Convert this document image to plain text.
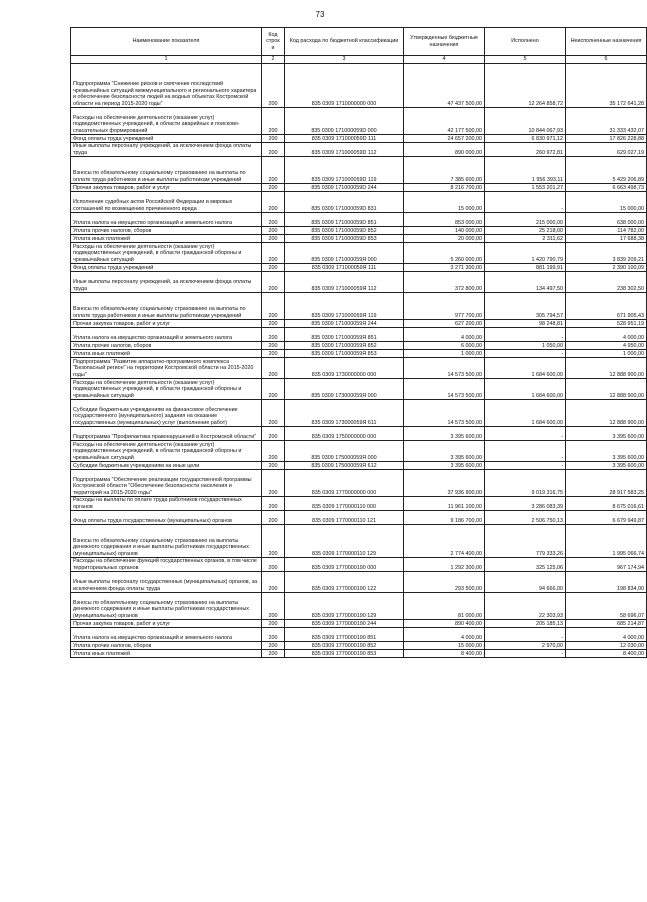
73
Наименование показателя	Код строк и	Код расхода по бюджетной классификации	Утвержденные бюджетные назначения	Исполнено	Неисполненные назначения
1	2	3	4	5	6
Подпрограмма "Снижение рисков и смягчение последствий чрезвычайных ситуаций межмуниципального и регионального характера и обеспечение безопасности людей на водных объектах Костромской области на период 2015-2020 годы"	200	835 0309 1710000000 000	47 437 500,00	12 264 858,72	35 172 641,28
Расходы на обеспечение деятельности (оказание услуг) подведомственных учреждений, в области аварийных и поисково-спасательных формирований	200	835 0309 171000059D 000	42 177 500,00	10 844 067,93	31 333 432,07
Фонд оплаты труда учреждений	200	835 0309 171000059D 111	24 657 200,00	6 830 971,12	17 826 228,88
Иные выплаты персоналу учреждений, за исключением фонда оплаты труда	200	835 0309 171000059D 112	890 000,00	260 972,81	629 027,19
Взносы по обязательному социальному страхованию на выплаты по оплате труда работников и иные выплаты работникам учреждений	200	835 0309 171000059D 119	7 385 600,00	1 956 393,11	5 429 206,89
Прочая закупка товаров, работ и услуг	200	835 0309 171000059D 244	8 216 700,00	1 553 201,27	6 663 498,73
Исполнение судебных актов Российской Федерации и мировых соглашений по возмещению причиненного вреда	200	835 0309 171000059D 831	15 000,00	-	15 000,00
Уплата налога на имущество организаций и земельного налога	200	835 0309 171000059D 851	853 000,00	215 000,00	638 000,00
Уплата прочих налогов, сборов	200	835 0309 171000059D 852	140 000,00	25 218,00	114 782,00
Уплата иных платежей	200	835 0309 171000059D 853	20 000,00	2 311,62	17 688,38
Расходы на обеспечение деятельности (оказание услуг) подведомственных учреждений, в области гражданской обороны и чрезвычайных ситуаций	200	835 0309 171000059Я 000	5 260 000,00	1 420 790,79	3 839 209,21
Фонд оплаты труда учреждений	200	835 0309 171000059Я 111	3 271 300,00	881 199,91	2 390 100,09
Иные выплаты персоналу учреждений, за исключением фонда оплаты труда	200	835 0309 171000059Я 112	372 800,00	134 497,50	238 302,50
Взносы по обязательному социальному страхованию на выплаты по оплате труда работников и иные выплаты работникам учреждений	200	835 0309 171000059Я 119	977 700,00	305 794,57	671 905,43
Прочая закупка товаров, работ и услуг	200	835 0309 171000059Я 244	627 200,00	98 248,81	528 951,19
Уплата налога на имущество организаций и земельного налога	200	835 0309 171000059Я 851	4 000,00	-	4 000,00
Уплата прочих налогов, сборов	200	835 0309 171000059Я 852	6 000,00	1 050,00	4 950,00
Уплата иных платежей	200	835 0309 171000059Я 853	1 000,00	-	1 000,00
Подпрограмма "Развитие аппаратно-программного комплекса "Безопасный регион" на территории Костромской области на 2015-2020 годы"	200	835 0309 1730000000 000	14 573 500,00	1 684 600,00	12 888 900,00
Расходы на обеспечение деятельности (оказание услуг) подведомственных учреждений, в области гражданской обороны и чрезвычайных ситуаций	200	835 0309 173000059Я 000	14 573 500,00	1 684 600,00	12 888 900,00
Субсидии бюджетным учреждениям на финансовое обеспечение государственного (муниципального) задания на оказание государственных (муниципальных) услуг (выполнение работ)	200	835 0309 173000059Я 611	14 573 500,00	1 684 600,00	12 888 900,00
Подпрограмма "Профилактика правонарушений в Костромской области"	200	835 0309 1750000000 000	3 395 600,00	-	3 395 600,00
Расходы на обеспечение деятельности (оказание услуг) подведомственных учреждений, в области гражданской обороны и чрезвычайных ситуаций	200	835 0309 175000059Я 000	3 395 600,00	-	3 395 600,00
Субсидии бюджетным учреждениям на иные цели	200	835 0309 175000059Я 612	3 395 600,00	-	3 395 600,00
Подпрограмма "Обеспечение реализации государственной программы Костромской области "Обеспечение безопасности населения и территорий на 2015-2020 годы"	200	835 0309 1770000000 000	37 936 900,00	9 019 316,75	28 917 583,25
Расходы на выплаты по оплате труда работников государственных органов	200	835 0309 1770000110 000	11 961 100,00	3 286 083,39	8 675 016,61
Фонд оплаты труда государственных (муниципальных) органов	200	835 0309 1770000110 121	9 186 700,00	2 506 750,13	6 679 949,87
Взносы по обязательному социальному страхованию на выплаты денежного содержания и иные выплаты работникам государственных (муниципальных) органов	200	835 0309 1770000110 129	2 774 400,00	779 333,26	1 995 066,74
Расходы на обеспечение функций государственных органов, в том числе территориальных органов	200	835 0309 1770000190 000	1 292 300,00	325 125,06	967 174,94
Иные выплаты персоналу государственных (муниципальных) органов, за исключением фонда оплаты труда	200	835 0309 1770000190 122	293 500,00	94 666,00	198 834,00
Взносы по обязательному социальному страхованию на выплаты денежного содержания и иные выплаты работникам государственных (муниципальных) органов	200	835 0309 1770000190 129	81 000,00	22 303,93	58 696,07
Прочая закупка товаров, работ и услуг	200	835 0309 1770000190 244	890 400,00	205 185,13	685 214,87
Уплата налога на имущество организаций и земельного налога	200	835 0309 1770000190 851	4 000,00	-	4 000,00
Уплата прочих налогов, сборов	200	835 0309 1770000190 852	15 000,00	2 970,00	12 030,00
Уплата иных платежей	200	835 0309 1770000190 853	8 400,00	-	8 400,00
